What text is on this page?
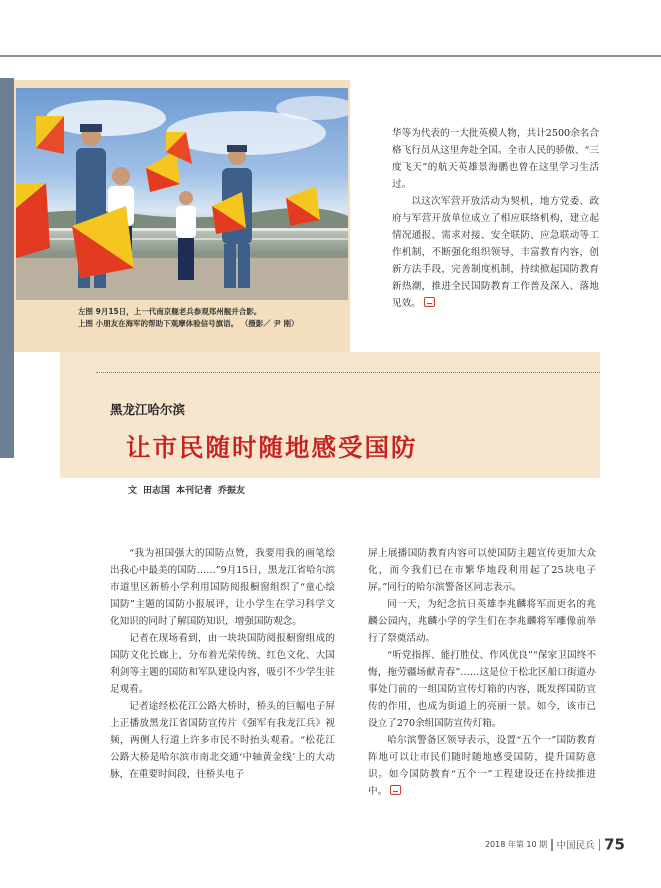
左图 9月15日，上一代南京舰老兵参观郑州舰并合影。

上图 小朋友在海军的帮助下观摩体验信号旗语。 （摄影／ 尹 刚）

华等为代表的一大批英模人物，共计2500余名合格飞行员从这里奔赴全国。全市人民的骄傲、“三度飞天”的航天英雄景海鹏也曾在这里学习生活过。

以这次军营开放活动为契机，地方党委、政府与军营开放单位成立了相应联络机构，建立起情况通报、需求对接、安全联防、应急联动等工作机制，不断强化组织领导，丰富教育内容，创新方法手段，完善制度机制，持续掀起国防教育新热潮，推进全民国防教育工作普及深入、落地见效。

黑龙江哈尔滨
让市民随时随地感受国防
文 田志国 本刊记者 乔振友

“我为祖国强大的国防点赞，我要用我的画笔绘出我心中最美的国防……”9月15日，黑龙江省哈尔滨市道里区新桥小学利用国防阅报橱窗组织了“童心绘国防”主题的国防小报展评，让小学生在学习科学文化知识的同时了解国防知识，增强国防观念。

记者在现场看到，由一块块国防阅报橱窗组成的国防文化长廊上，分布着光荣传统、红色文化、大国利剑等主题的国防和军队建设内容，吸引不少学生驻足观看。

记者途经松花江公路大桥时，桥头的巨幅电子屏上正播放黑龙江省国防宣传片《强军有我龙江兵》视频，两侧人行道上许多市民不时抬头观看。“松花江公路大桥是哈尔滨市南北交通‘中轴黄金线’上的大动脉，在重要时间段，往桥头电子

屏上展播国防教育内容可以使国防主题宣传更加大众化，而今我们已在市繁华地段利用起了25块电子屏。”同行的哈尔滨警备区同志表示。

同一天，为纪念抗日英雄李兆麟将军而更名的兆麟公园内，兆麟小学的学生们在李兆麟将军雕像前举行了祭奠活动。

“听党指挥、能打胜仗、作风优良”“保家卫国终不悔，拖劳疆场献青春”……这是位于松北区船口街道办事处门前的一组国防宣传灯箱的内容，既发挥国防宣传的作用，也成为街道上的亮丽一景。如今，该市已设立了270余组国防宣传灯箱。

哈尔滨警备区领导表示，设置“五个一”国防教育阵地可以让市民们随时随地感受国防，提升国防意识。如今国防教育“五个一”工程建设还在持续推进中。

2018 年第 10 期 中国民兵 75
